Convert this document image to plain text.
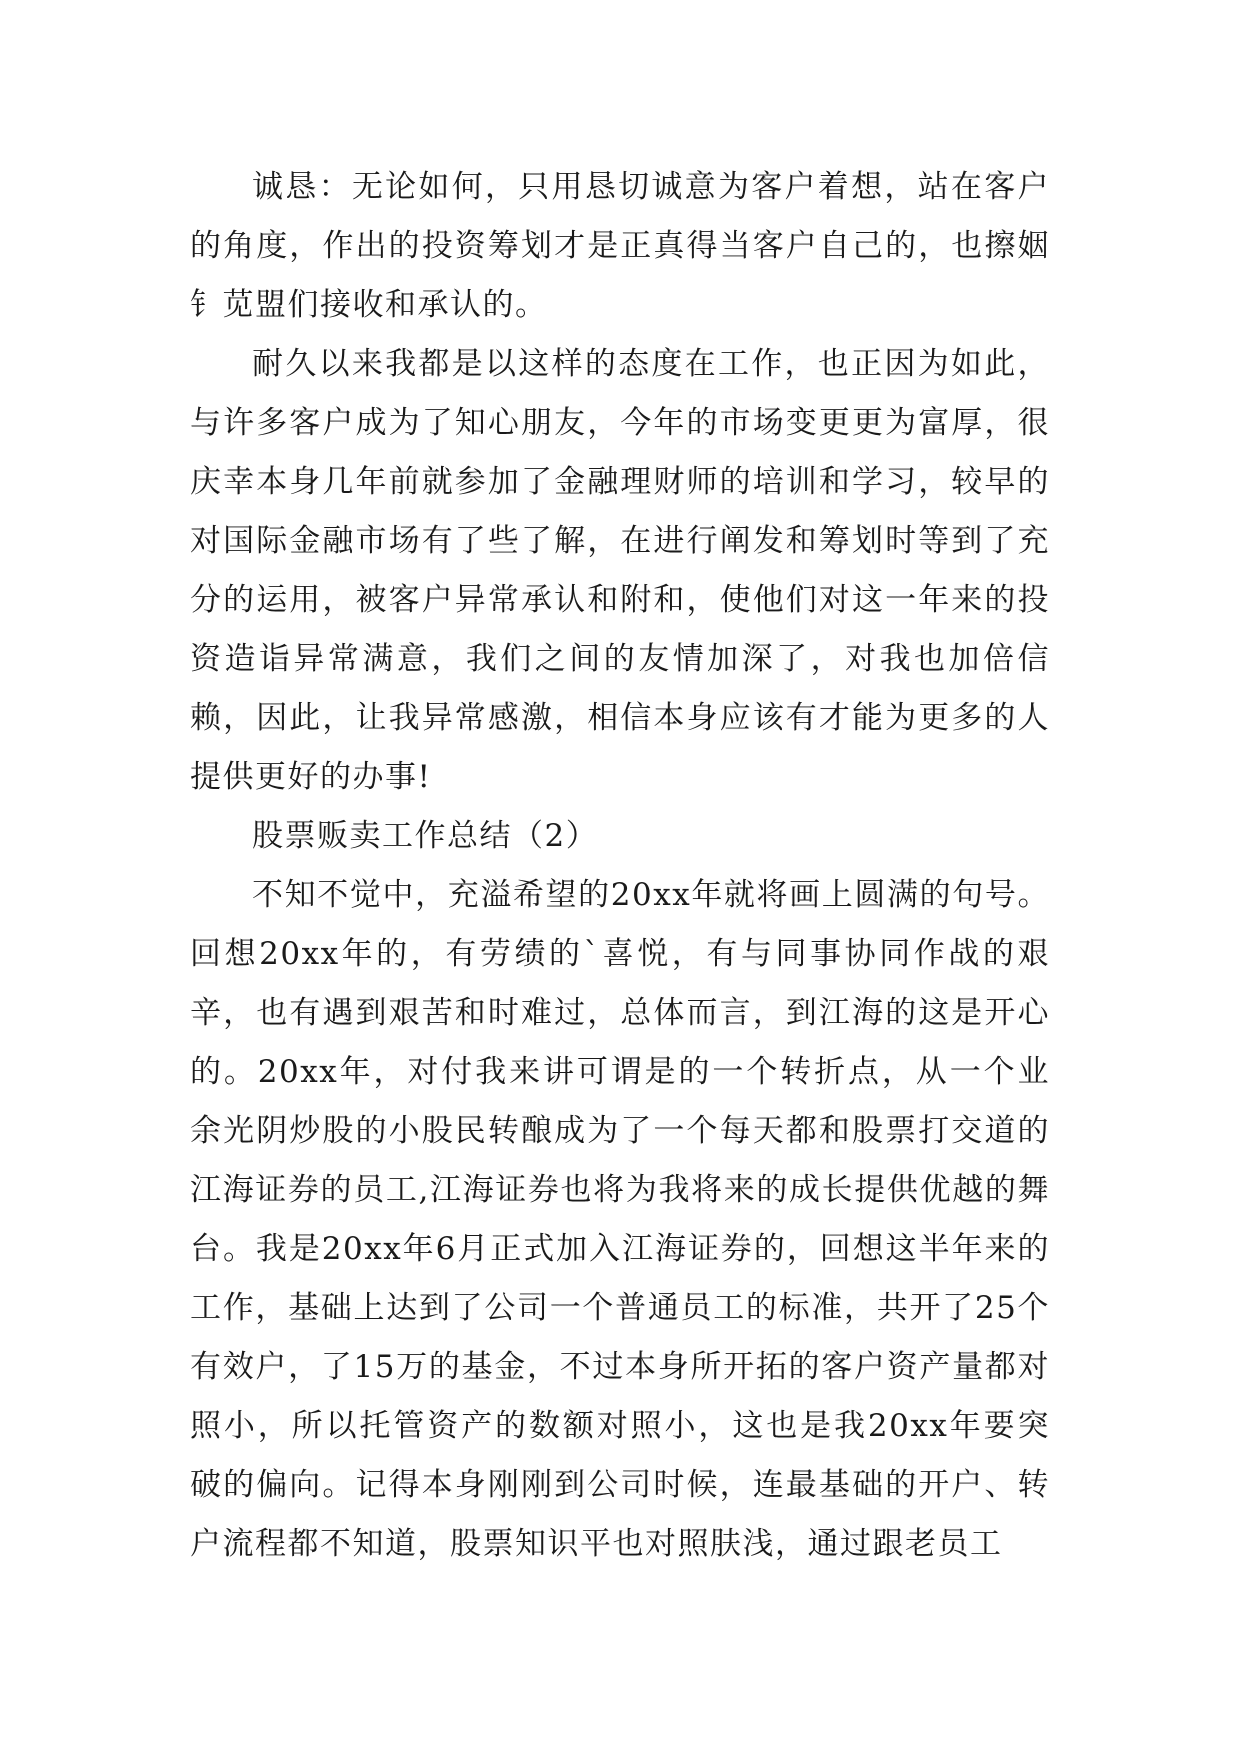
诚恳：无论如何，只用恳切诚意为客户着想，站在客户的角度，作出的投资筹划才是正真得当客户自己的，也擦姻钅苋盟们接收和承认的。

耐久以来我都是以这样的态度在工作，也正因为如此，与许多客户成为了知心朋友，今年的市场变更更为富厚，很庆幸本身几年前就参加了金融理财师的培训和学习，较早的对国际金融市场有了些了解，在进行阐发和筹划时等到了充分的运用，被客户异常承认和附和，使他们对这一年来的投资造诣异常满意，我们之间的友情加深了，对我也加倍信赖，因此，让我异常感激，相信本身应该有才能为更多的人提供更好的办事!

股票贩卖工作总结（2）

不知不觉中，充溢希望的20xx年就将画上圆满的句号。回想20xx年的，有劳绩的`喜悦，有与同事协同作战的艰辛，也有遇到艰苦和时难过，总体而言，到江海的这是开心的。20xx年，对付我来讲可谓是的一个转折点，从一个业余光阴炒股的小股民转酿成为了一个每天都和股票打交道的江海证券的员工,江海证券也将为我将来的成长提供优越的舞台。我是20xx年6月正式加入江海证券的，回想这半年来的工作，基础上达到了公司一个普通员工的标准，共开了25个有效户，了15万的基金，不过本身所开拓的客户资产量都对照小，所以托管资产的数额对照小，这也是我20xx年要突破的偏向。记得本身刚刚到公司时候，连最基础的开户、转户流程都不知道，股票知识平也对照肤浅，通过跟老员工
